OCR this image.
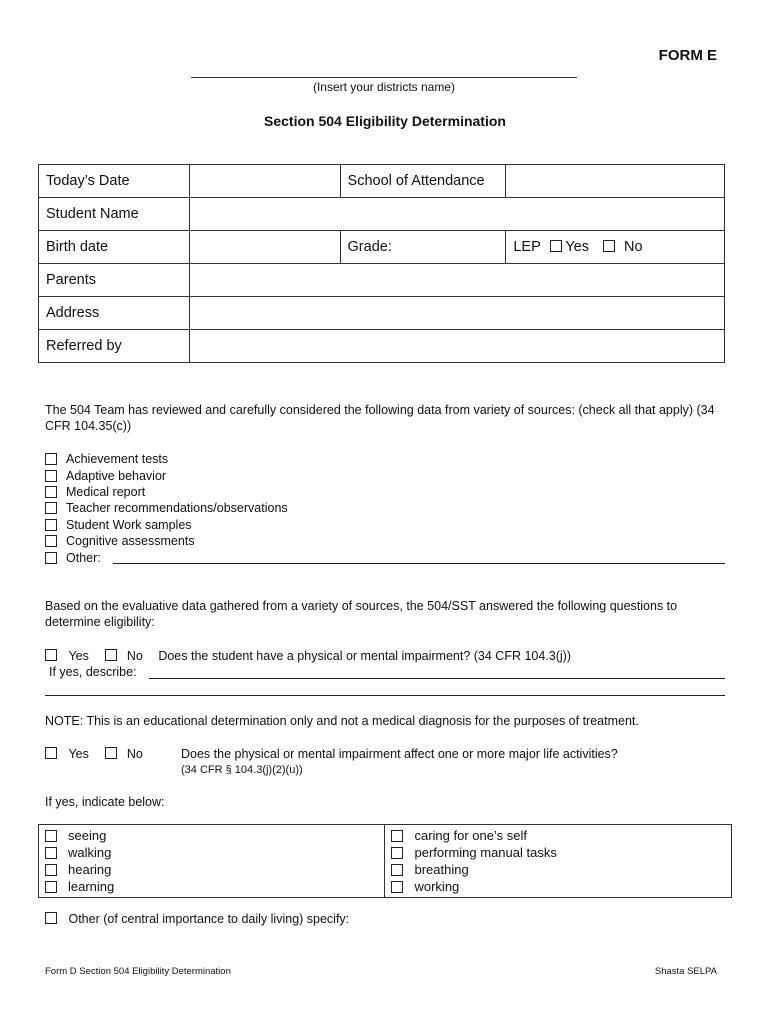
FORM E
(Insert your districts name)
Section 504 Eligibility Determination
Today’s Date		School of Attendance	
Student Name			
Birth date		Grade:	LEP Yes No
Parents			
Address			
Referred by			
The 504 Team has reviewed and carefully considered the following data from variety of sources: (check all that apply) (34 CFR 104.35(c))
Achievement tests
Adaptive behavior
Medical report
Teacher recommendations/observations
Student Work samples
Cognitive assessments
Other:
Based on the evaluative data gathered from a variety of sources, the 504/SST answered the following questions to determine eligibility:
Yes	No Does the student have a physical or mental impairment? (34 CFR 104.3(j))
If yes, describe:
NOTE: This is an educational determination only and not a medical diagnosis for the purposes of treatment.
Yes	No	Does the physical or mental impairment affect one or more major life activities?
(34 CFR § 104.3(j)(2)(u))
If yes, indicate below:
seeing
walking
hearing
learning

caring for one’s self
performing manual tasks
breathing
working
Other (of central importance to daily living) specify:
Form D Section 504 Eligibility Determination	Shasta SELPA
